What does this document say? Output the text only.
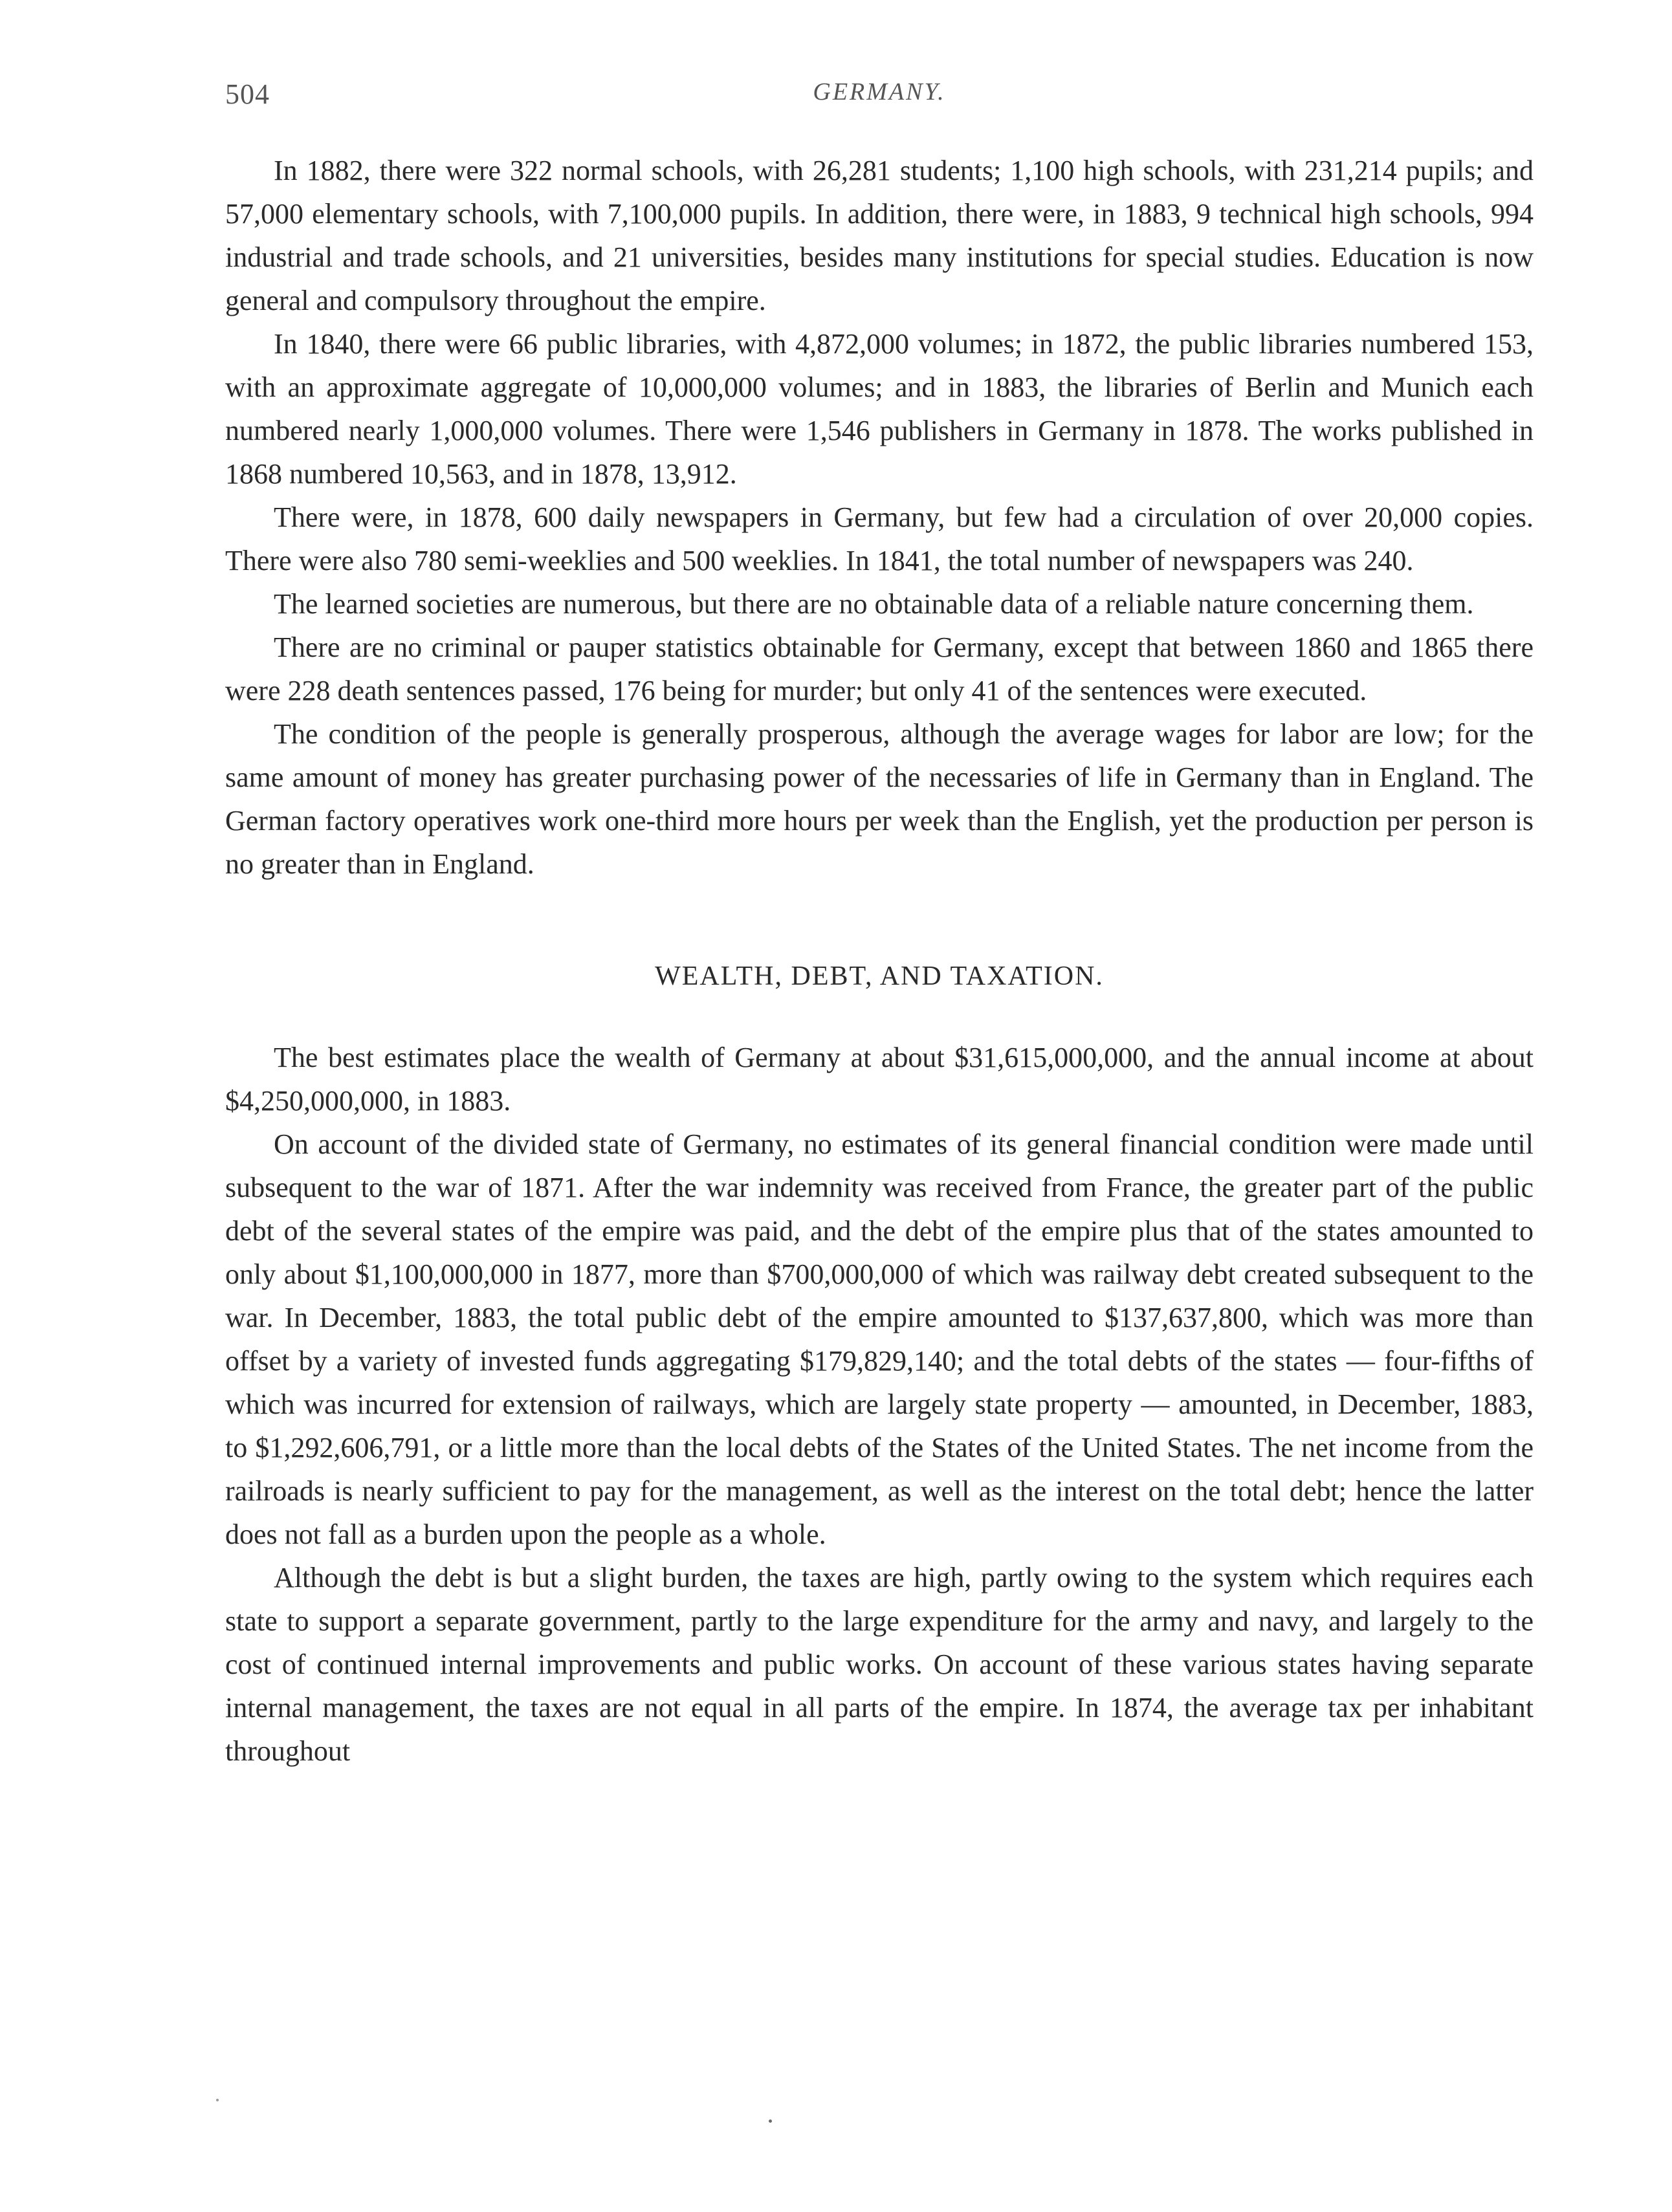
504	GERMANY.

In 1882, there were 322 normal schools, with 26,281 students; 1,100 high schools, with 231,214 pupils; and 57,000 elementary schools, with 7,100,000 pupils. In addition, there were, in 1883, 9 technical high schools, 994 industrial and trade schools, and 21 universities, besides many institutions for special studies. Education is now general and compulsory throughout the empire.

In 1840, there were 66 public libraries, with 4,872,000 volumes; in 1872, the public libraries numbered 153, with an approximate aggregate of 10,000,000 volumes; and in 1883, the libraries of Berlin and Munich each numbered nearly 1,000,000 volumes. There were 1,546 publishers in Germany in 1878. The works published in 1868 numbered 10,563, and in 1878, 13,912.

There were, in 1878, 600 daily newspapers in Germany, but few had a circulation of over 20,000 copies. There were also 780 semi-weeklies and 500 weeklies. In 1841, the total number of newspapers was 240.

The learned societies are numerous, but there are no obtainable data of a reliable nature concerning them.

There are no criminal or pauper statistics obtainable for Germany, except that between 1860 and 1865 there were 228 death sentences passed, 176 being for murder; but only 41 of the sentences were executed.

The condition of the people is generally prosperous, although the average wages for labor are low; for the same amount of money has greater purchasing power of the necessaries of life in Germany than in England. The German factory operatives work one-third more hours per week than the English, yet the production per person is no greater than in England.

WEALTH, DEBT, AND TAXATION.

The best estimates place the wealth of Germany at about $31,615,000,000, and the annual income at about $4,250,000,000, in 1883.

On account of the divided state of Germany, no estimates of its general financial condition were made until subsequent to the war of 1871. After the war indemnity was received from France, the greater part of the public debt of the several states of the empire was paid, and the debt of the empire plus that of the states amounted to only about $1,100,000,000 in 1877, more than $700,000,000 of which was railway debt created subsequent to the war. In December, 1883, the total public debt of the empire amounted to $137,637,800, which was more than offset by a variety of invested funds aggregating $179,829,140; and the total debts of the states — four-fifths of which was incurred for extension of railways, which are largely state property — amounted, in December, 1883, to $1,292,606,791, or a little more than the local debts of the States of the United States. The net income from the railroads is nearly sufficient to pay for the management, as well as the interest on the total debt; hence the latter does not fall as a burden upon the people as a whole.

Although the debt is but a slight burden, the taxes are high, partly owing to the system which requires each state to support a separate government, partly to the large expenditure for the army and navy, and largely to the cost of continued internal improvements and public works. On account of these various states having separate internal management, the taxes are not equal in all parts of the empire. In 1874, the average tax per inhabitant throughout
